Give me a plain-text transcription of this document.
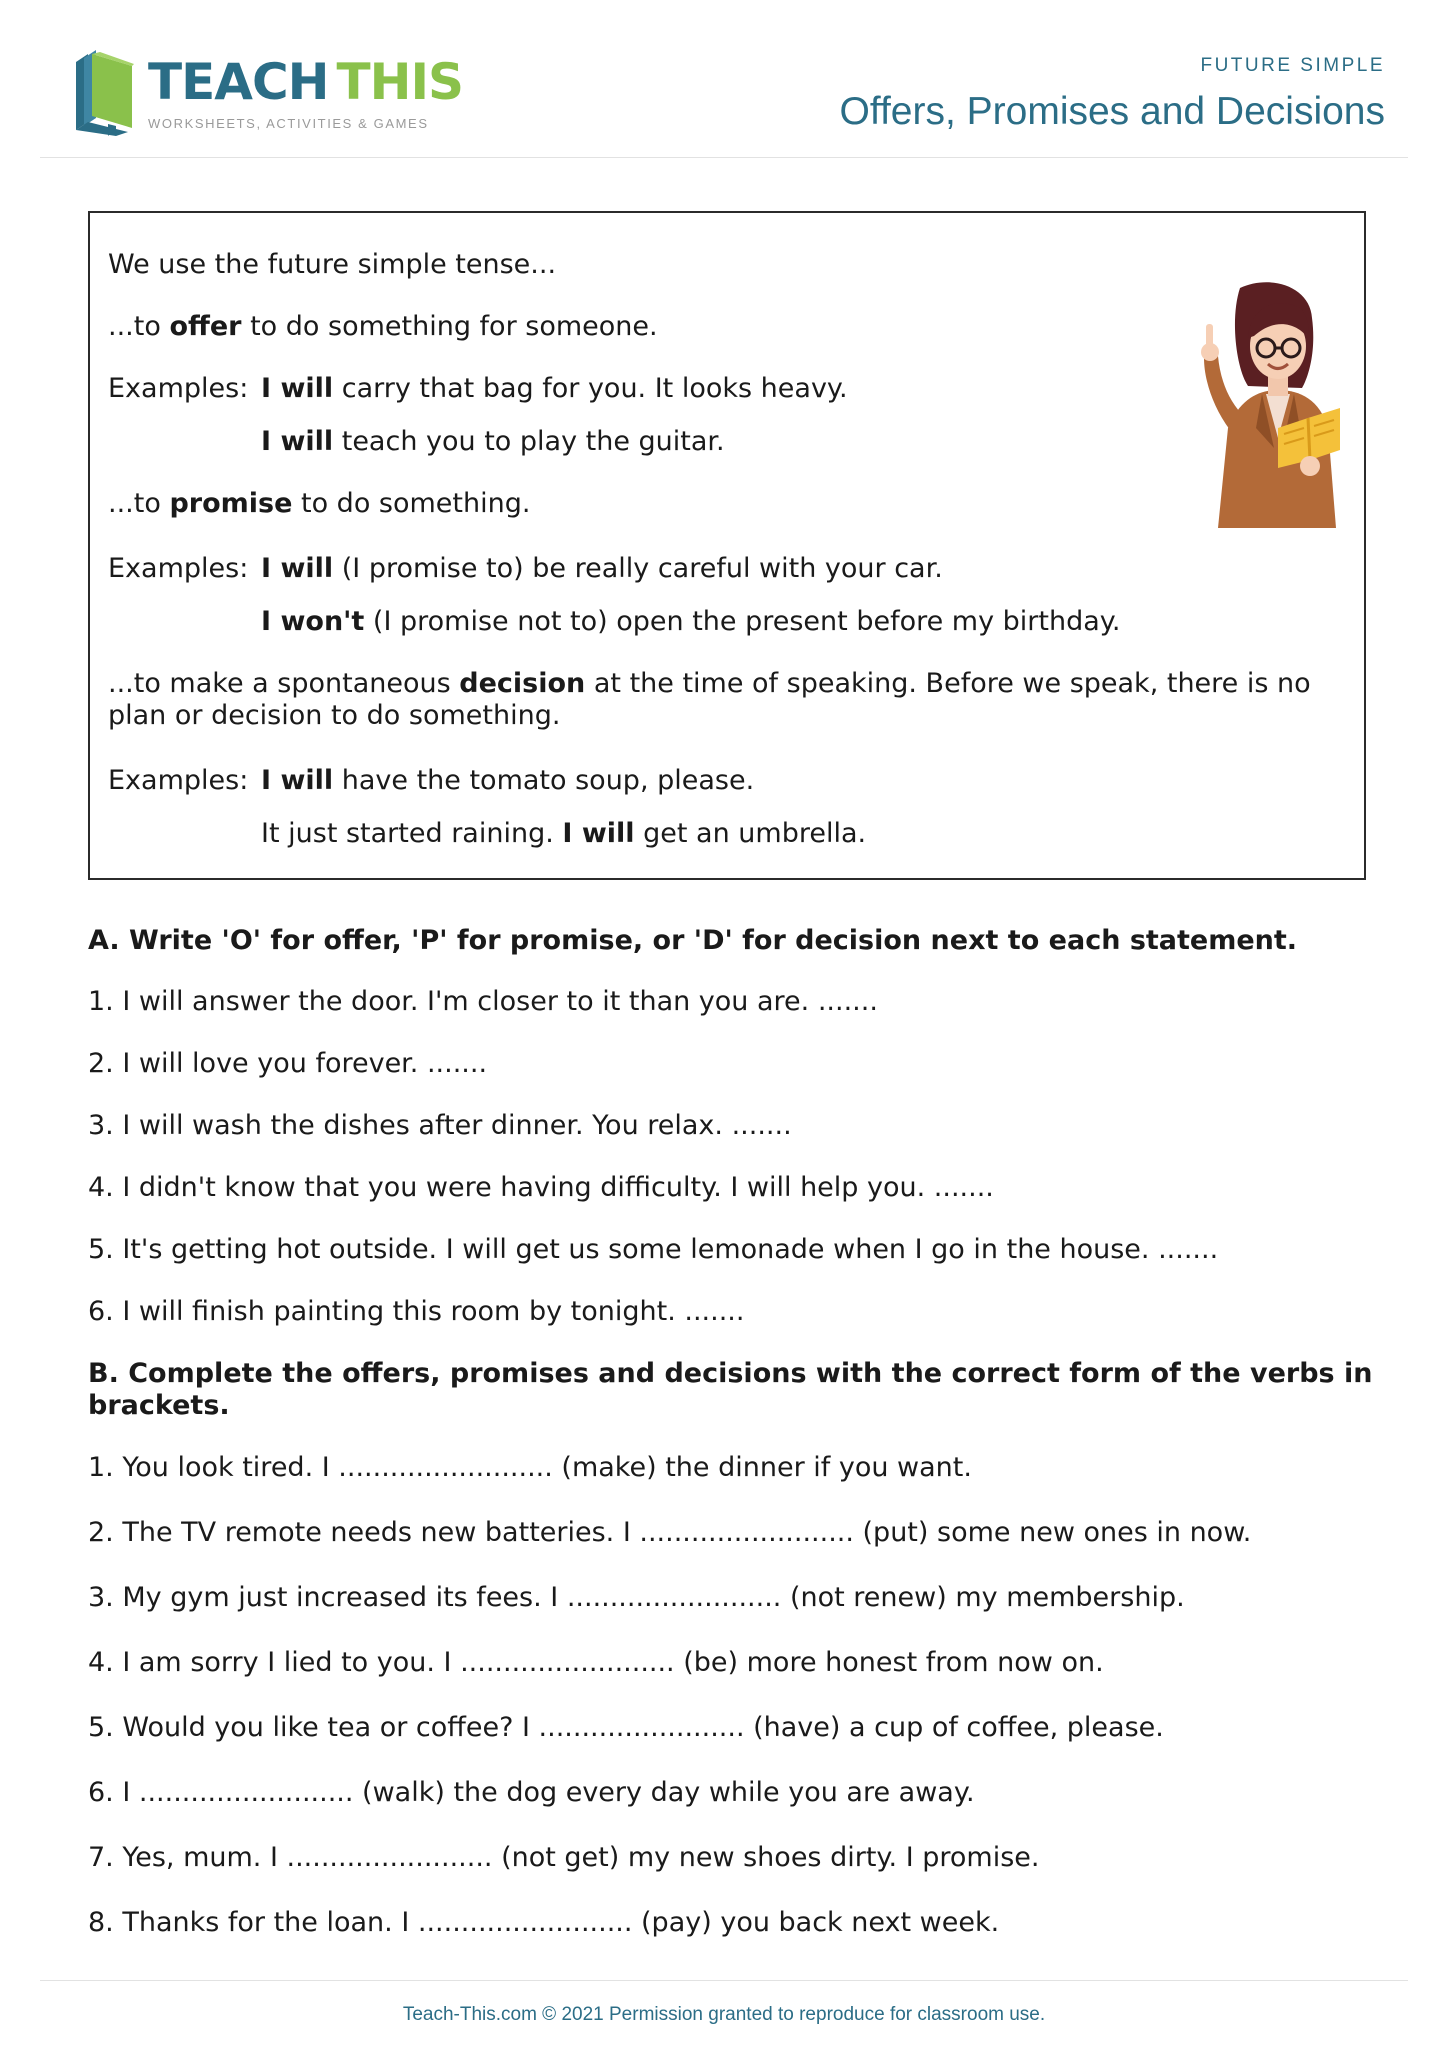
TEACH THIS
WORKSHEETS, ACTIVITIES & GAMES
FUTURE SIMPLE
Offers, Promises and Decisions
We use the future simple tense...
...to offer to do something for someone.
Examples: I will carry that bag for you. It looks heavy.
I will teach you to play the guitar.
...to promise to do something.
Examples: I will (I promise to) be really careful with your car.
I won't (I promise not to) open the present before my birthday.
...to make a spontaneous decision at the time of speaking. Before we speak, there is no plan or decision to do something.
Examples: I will have the tomato soup, please.
It just started raining. I will get an umbrella.
A. Write 'O' for offer, 'P' for promise, or 'D' for decision next to each statement.
1. I will answer the door. I'm closer to it than you are. .......
2. I will love you forever. .......
3. I will wash the dishes after dinner. You relax. .......
4. I didn't know that you were having difficulty. I will help you. .......
5. It's getting hot outside. I will get us some lemonade when I go in the house. .......
6. I will finish painting this room by tonight. .......
B. Complete the offers, promises and decisions with the correct form of the verbs in brackets.
1. You look tired. I ......................... (make) the dinner if you want.
2. The TV remote needs new batteries. I ......................... (put) some new ones in now.
3. My gym just increased its fees. I ......................... (not renew) my membership.
4. I am sorry I lied to you. I ......................... (be) more honest from now on.
5. Would you like tea or coffee? I ........................ (have) a cup of coffee, please.
6. I ......................... (walk) the dog every day while you are away.
7. Yes, mum. I ........................ (not get) my new shoes dirty. I promise.
8. Thanks for the loan. I ......................... (pay) you back next week.
Teach-This.com © 2021 Permission granted to reproduce for classroom use.
